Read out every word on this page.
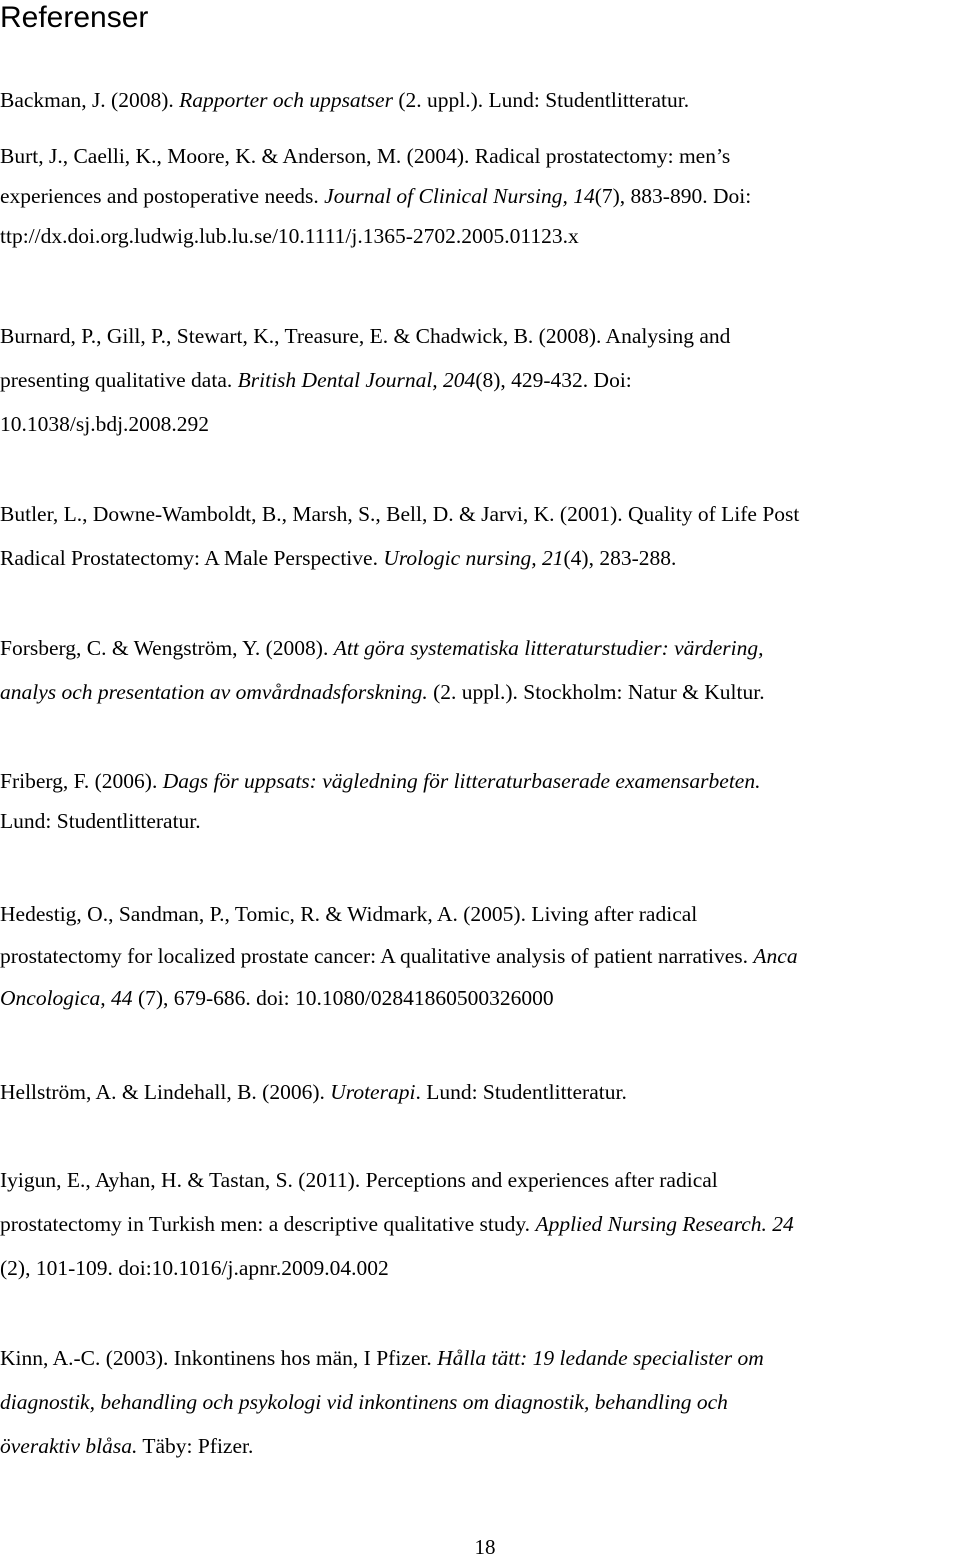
Referenser
Backman, J. (2008). Rapporter och uppsatser (2. uppl.). Lund: Studentlitteratur.
Burt, J., Caelli, K., Moore, K. & Anderson, M. (2004). Radical prostatectomy: men’s
experiences and postoperative needs. Journal of Clinical Nursing, 14(7), 883-890. Doi:
ttp://dx.doi.org.ludwig.lub.lu.se/10.1111/j.1365-2702.2005.01123.x
Burnard, P., Gill, P., Stewart, K., Treasure, E. & Chadwick, B. (2008). Analysing and
presenting qualitative data. British Dental Journal, 204(8), 429-432. Doi:
10.1038/sj.bdj.2008.292
Butler, L., Downe-Wamboldt, B., Marsh, S., Bell, D. & Jarvi, K. (2001). Quality of Life Post
Radical Prostatectomy: A Male Perspective. Urologic nursing, 21(4), 283-288.
Forsberg, C. & Wengström, Y. (2008). Att göra systematiska litteraturstudier: värdering,
analys och presentation av omvårdnadsforskning. (2. uppl.). Stockholm: Natur & Kultur.
Friberg, F. (2006). Dags för uppsats: vägledning för litteraturbaserade examensarbeten.
Lund: Studentlitteratur.
Hedestig, O., Sandman, P., Tomic, R. & Widmark, A. (2005). Living after radical
prostatectomy for localized prostate cancer: A qualitative analysis of patient narratives. Anca
Oncologica, 44 (7), 679-686. doi: 10.1080/02841860500326000
Hellström, A. & Lindehall, B. (2006). Uroterapi. Lund: Studentlitteratur.
Iyigun, E., Ayhan, H. & Tastan, S. (2011). Perceptions and experiences after radical
prostatectomy in Turkish men: a descriptive qualitative study. Applied Nursing Research. 24
(2), 101-109. doi:10.1016/j.apnr.2009.04.002
Kinn, A.-C. (2003). Inkontinens hos män, I Pfizer. Hålla tätt: 19 ledande specialister om
diagnostik, behandling och psykologi vid inkontinens om diagnostik, behandling och
överaktiv blåsa. Täby: Pfizer.
18
